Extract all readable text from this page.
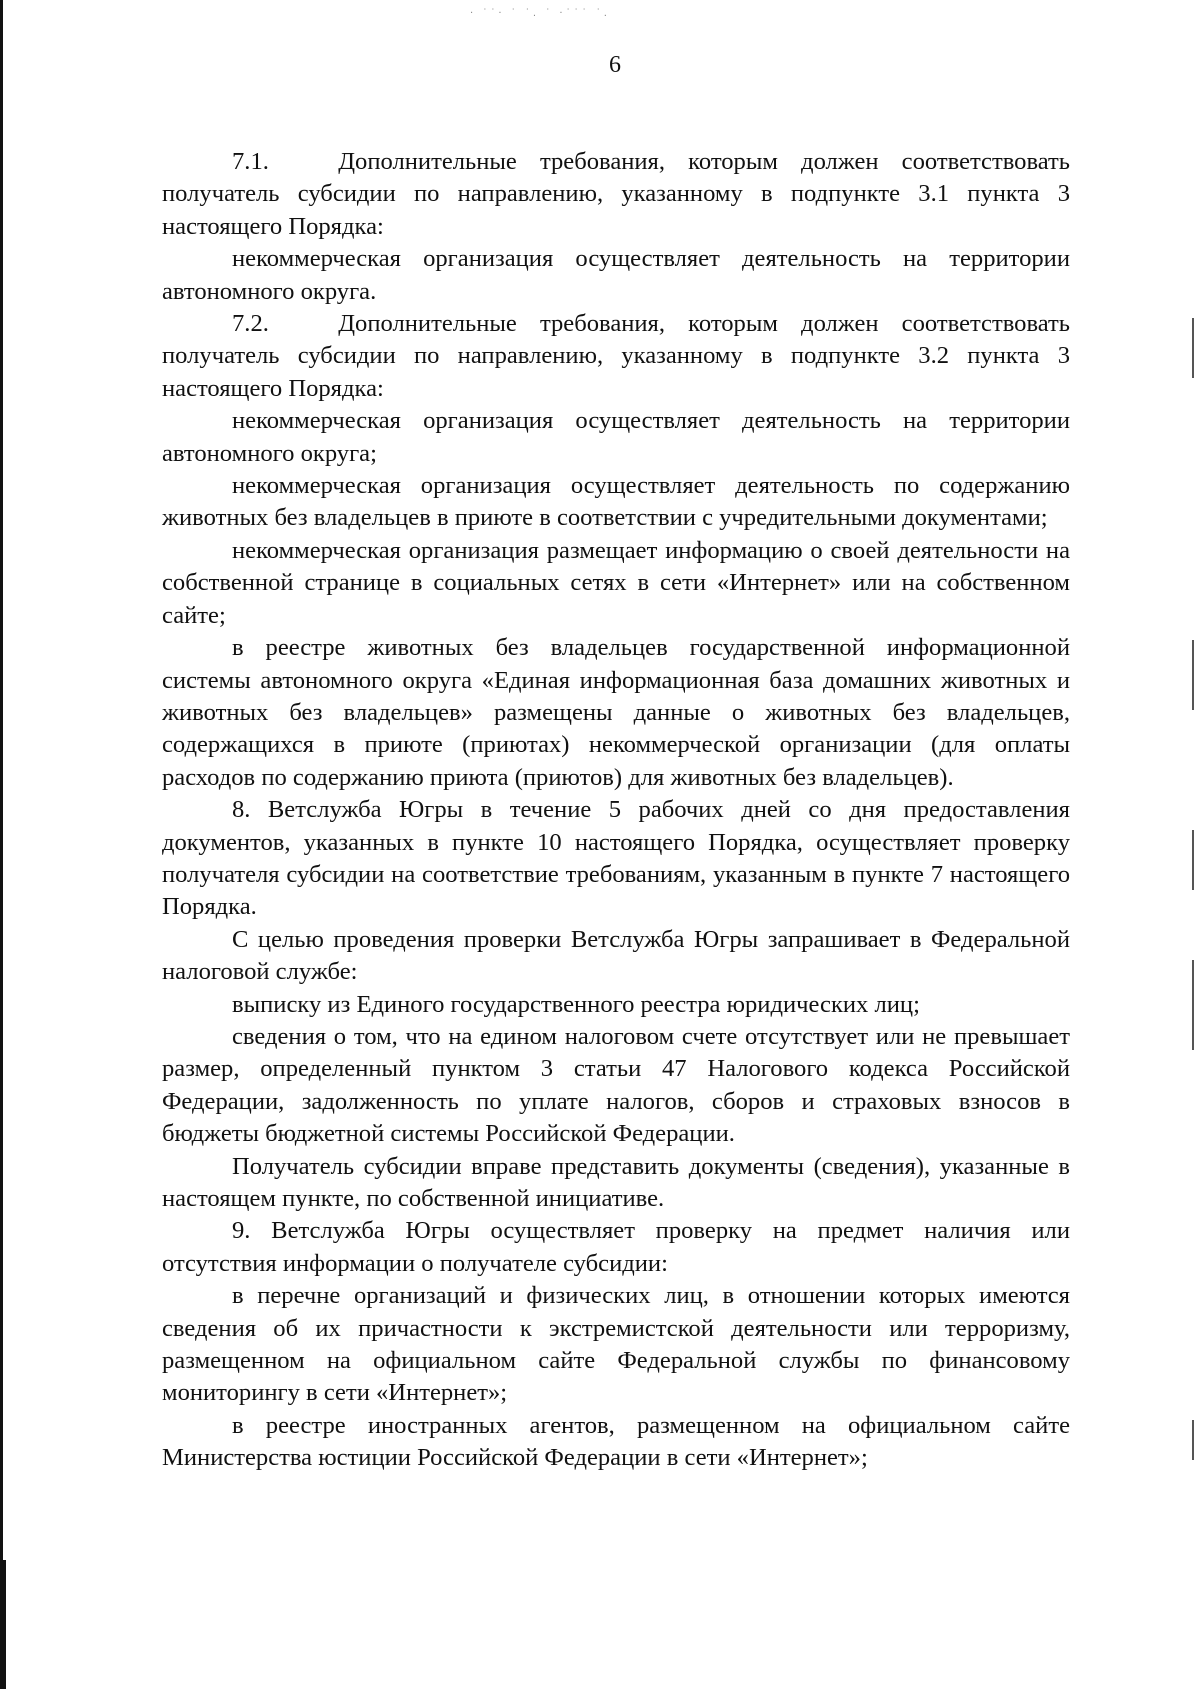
· ˙˙· ˙ ˙. ˙ ·˙˙˙ ˙.
6

7.1.   Дополнительные требования, которым должен соответствовать получатель субсидии по направлению, указанному в подпункте 3.1 пункта 3 настоящего Порядка:

некоммерческая организация осуществляет деятельность на территории автономного округа.

7.2.   Дополнительные требования, которым должен соответствовать получатель субсидии по направлению, указанному в подпункте 3.2 пункта 3 настоящего Порядка:

некоммерческая организация осуществляет деятельность на территории автономного округа;

некоммерческая организация осуществляет деятельность по содержанию животных без владельцев в приюте в соответствии с учредительными документами;

некоммерческая организация размещает информацию о своей деятельности на собственной странице в социальных сетях в сети «Интернет» или на собственном сайте;

в реестре животных без владельцев государственной информационной системы автономного округа «Единая информационная база домашних животных и животных без владельцев» размещены данные о животных без владельцев, содержащихся в приюте (приютах) некоммерческой организации (для оплаты расходов по содержанию приюта (приютов) для животных без владельцев).

8. Ветслужба Югры в течение 5 рабочих дней со дня предоставления документов, указанных в пункте 10 настоящего Порядка, осуществляет проверку получателя субсидии на соответствие требованиям, указанным в пункте 7 настоящего Порядка.

С целью проведения проверки Ветслужба Югры запрашивает в Федеральной налоговой службе:

выписку из Единого государственного реестра юридических лиц;

сведения о том, что на едином налоговом счете отсутствует или не превышает размер, определенный пунктом 3 статьи 47 Налогового кодекса Российской Федерации, задолженность по уплате налогов, сборов и страховых взносов в бюджеты бюджетной системы Российской Федерации.

Получатель субсидии вправе представить документы (сведения), указанные в настоящем пункте, по собственной инициативе.

9. Ветслужба Югры осуществляет проверку на предмет наличия или отсутствия информации о получателе субсидии:

в перечне организаций и физических лиц, в отношении которых имеются сведения об их причастности к экстремистской деятельности или терроризму, размещенном на официальном сайте Федеральной службы по финансовому мониторингу в сети «Интернет»;

в реестре иностранных агентов, размещенном на официальном сайте Министерства юстиции Российской Федерации в сети «Интернет»;
